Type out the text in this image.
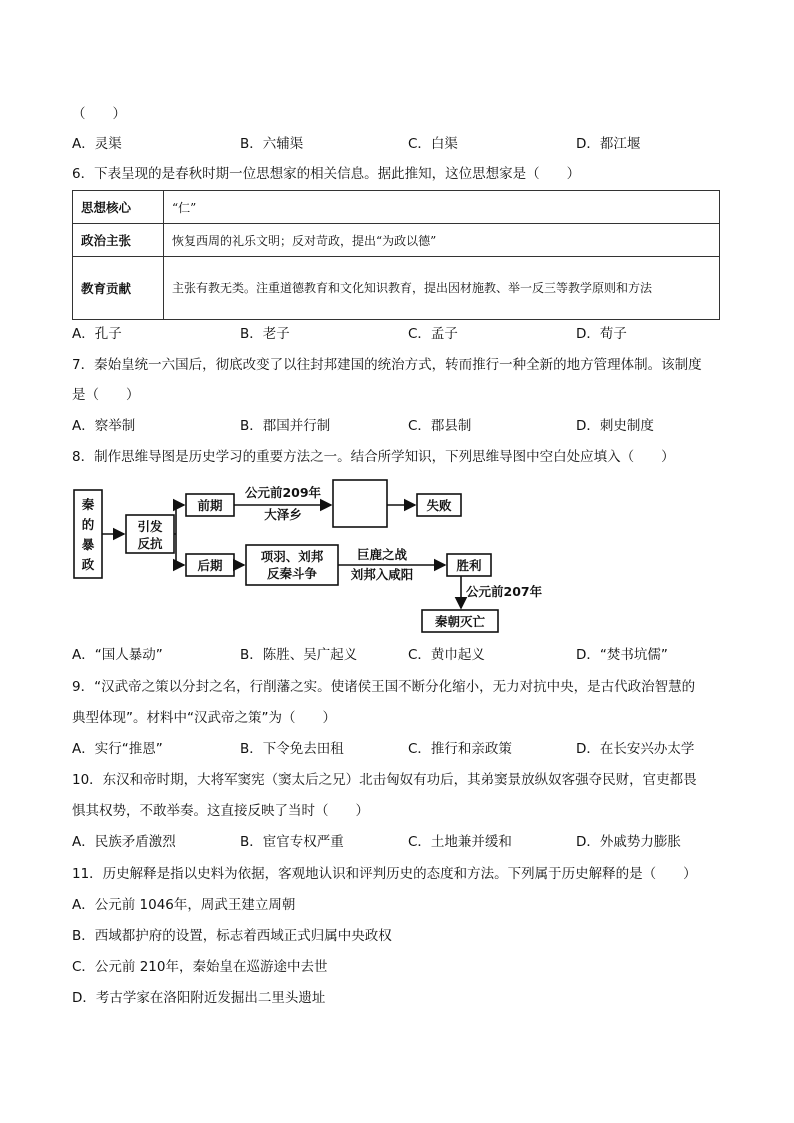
（　　）
A．灵渠	B．六辅渠	C．白渠	D．都江堰
6．下表呈现的是春秋时期一位思想家的相关信息。据此推知，这位思想家是（　　）
思想核心	“仁”
政治主张	恢复西周的礼乐文明；反对苛政，提出“为政以德”
教育贡献	主张有教无类。注重道德教育和文化知识教育，提出因材施教、举一反三等教学原则和方法
A．孔子	B．老子	C．孟子	D．荀子
7．秦始皇统一六国后，彻底改变了以往封邦建国的统治方式，转而推行一种全新的地方管理体制。该制度
是（　　）
A．察举制	B．郡国并行制	C．郡县制	D．刺史制度
8．制作思维导图是历史学习的重要方法之一。结合所学知识，下列思维导图中空白处应填入（　　）
秦
的
暴
政
引发
反抗
前期
公元前209年
大泽乡
失败
后期
项羽、刘邦
反秦斗争
巨鹿之战
刘邦入咸阳
胜利
公元前207年
秦朝灭亡
A．“国人暴动”	B．陈胜、吴广起义	C．黄巾起义	D．“焚书坑儒”
9．“汉武帝之策以分封之名，行削藩之实。使诸侯王国不断分化缩小，无力对抗中央，是古代政治智慧的
典型体现”。材料中“汉武帝之策”为（　　）
A．实行“推恩”	B．下令免去田租	C．推行和亲政策	D．在长安兴办太学
10．东汉和帝时期，大将军窦宪（窦太后之兄）北击匈奴有功后，其弟窦景放纵奴客强夺民财，官吏都畏
惧其权势，不敢举奏。这直接反映了当时（　　）
A．民族矛盾激烈	B．宦官专权严重	C．土地兼并缓和	D．外戚势力膨胀
11．历史解释是指以史料为依据，客观地认识和评判历史的态度和方法。下列属于历史解释的是（　　）
A．公元前 1046年，周武王建立周朝
B．西域都护府的设置，标志着西域正式归属中央政权
C．公元前 210年，秦始皇在巡游途中去世
D．考古学家在洛阳附近发掘出二里头遗址
